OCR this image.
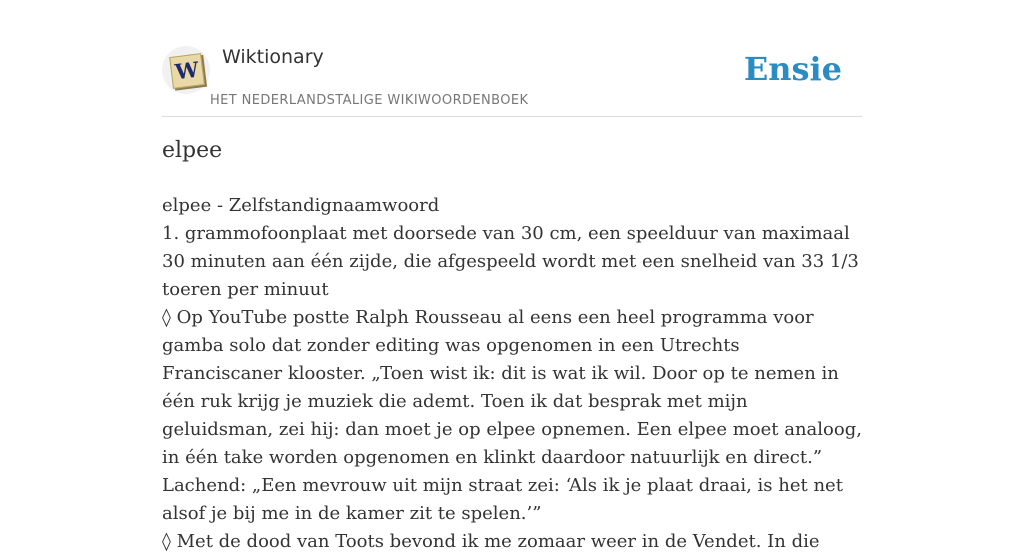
W Wiktionary
HET NEDERLANDSTALIGE WIKIWOORDENBOEK
Ensie
elpee

elpee - Zelfstandignaamwoord

1. grammofoonplaat met doorsede van 30 cm, een speelduur van maximaal 30 minuten aan één zijde, die afgespeeld wordt met een snelheid van 33 1/3 toeren per minuut

◊ Op YouTube postte Ralph Rousseau al eens een heel programma voor gamba solo dat zonder editing was opgenomen in een Utrechts Franciscaner klooster. „Toen wist ik: dit is wat ik wil. Door op te nemen in één ruk krijg je muziek die ademt. Toen ik dat besprak met mijn geluidsman, zei hij: dan moet je op elpee opnemen. Een elpee moet analoog, in één take worden opgenomen en klinkt daardoor natuurlijk en direct.” Lachend: „Een mevrouw uit mijn straat zei: ‘Als ik je plaat draai, is het net alsof je bij me in de kamer zit te spelen.’”

◊ Met de dood van Toots bevond ik me zomaar weer in de Vendet. In die
